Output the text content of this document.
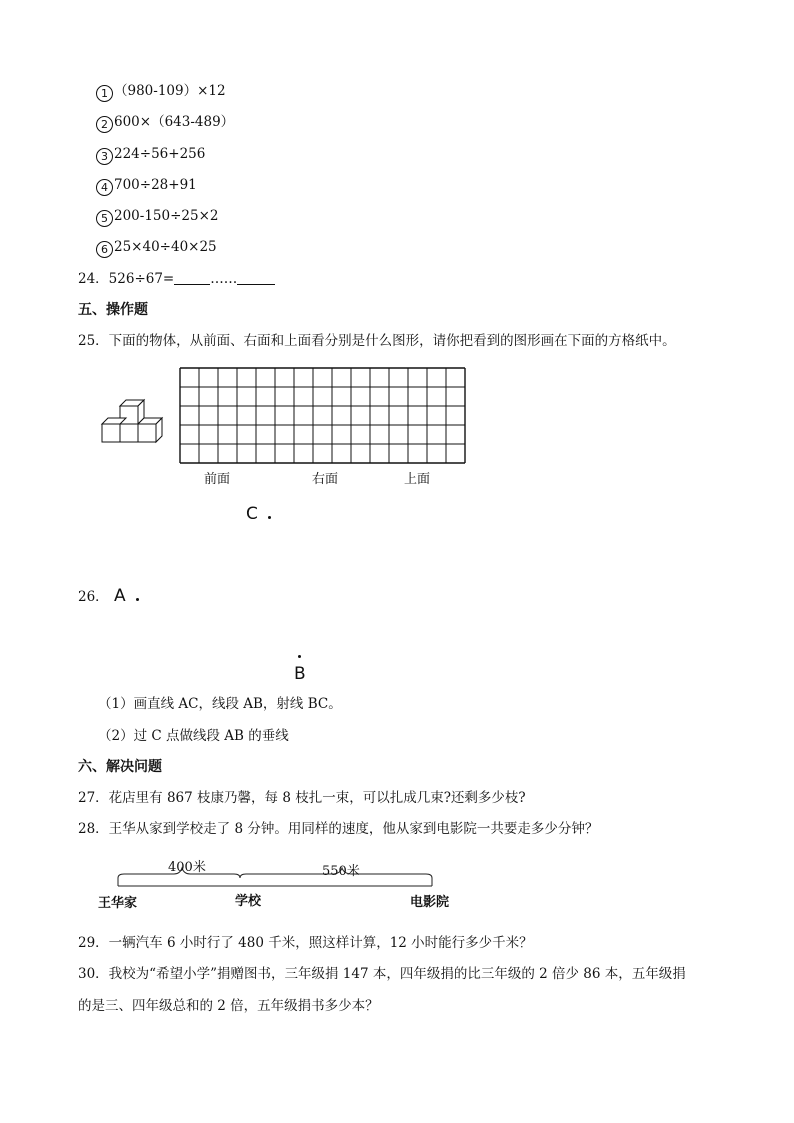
1 （980-109）×12
2 600×（643-489）
3 224÷56+256
4 700÷28+91
5 200-150÷25×2
6 25×40÷40×25
24．526÷67=	……
五、操作题
25．下面的物体，从前面、右面和上面看分别是什么图形，请你把看到的图形画在下面的方格纸中。
前面	右面	上面
C
26． A
B
（1）画直线 AC，线段 AB，射线 BC。
（2）过 C 点做线段 AB 的垂线
六、解决问题
27．花店里有 867 枝康乃馨，每 8 枝扎一束，可以扎成几束?还剩多少枝?
28．王华从家到学校走了 8 分钟。用同样的速度，他从家到电影院一共要走多少分钟？
400米	550米
王华家	学校	电影院
29．一辆汽车 6 小时行了 480 千米，照这样计算，12 小时能行多少千米？
30．我校为“希望小学”捐赠图书，三年级捐 147 本，四年级捐的比三年级的 2 倍少 86 本，五年级捐
的是三、四年级总和的 2 倍，五年级捐书多少本？
